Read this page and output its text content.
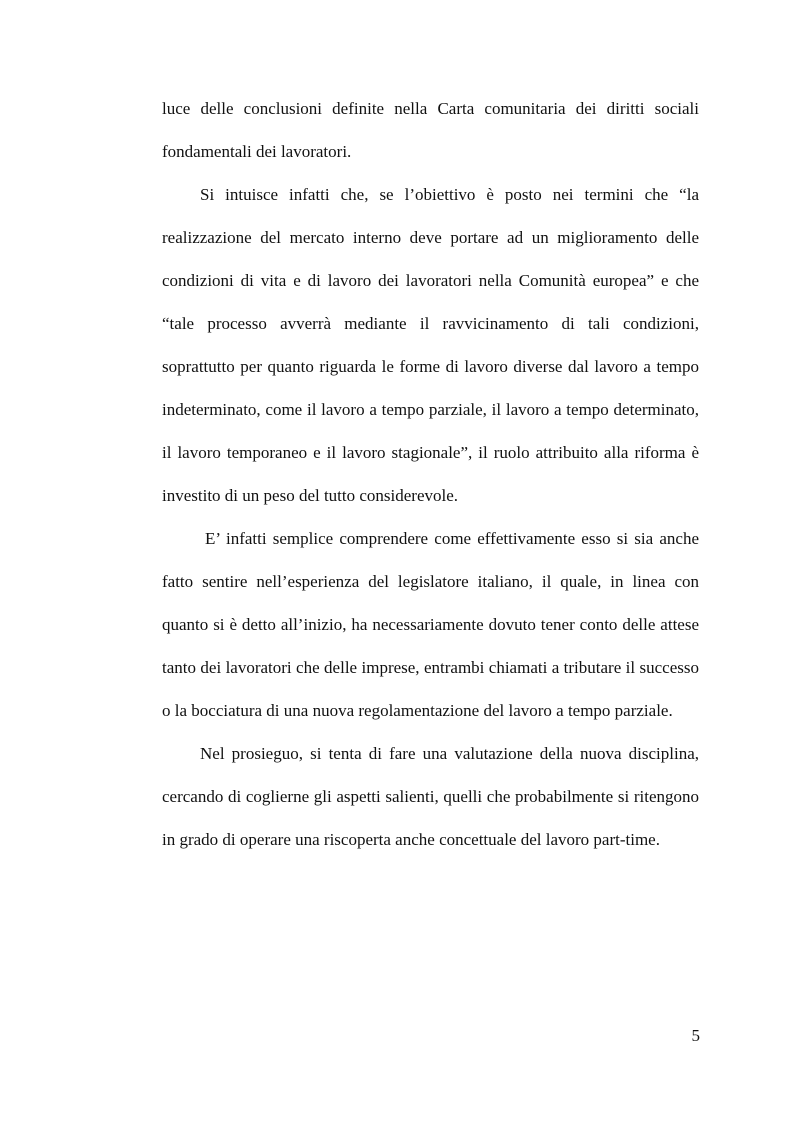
luce delle conclusioni definite nella Carta comunitaria dei diritti sociali fondamentali dei lavoratori.

Si intuisce infatti che, se l’obiettivo è posto nei termini che “la realizzazione del mercato interno deve portare ad un miglioramento delle condizioni di vita e di lavoro dei lavoratori nella Comunità europea” e che “tale processo avverrà mediante il ravvicinamento di tali condizioni, soprattutto per quanto riguarda le forme di lavoro diverse dal lavoro a tempo indeterminato, come il lavoro a tempo parziale, il lavoro a tempo determinato, il lavoro temporaneo e il lavoro stagionale”, il ruolo attribuito alla riforma è investito di un peso del tutto considerevole.

E’ infatti semplice comprendere come effettivamente esso si sia anche fatto sentire nell’esperienza del legislatore italiano, il quale, in linea con quanto si è detto all’inizio, ha necessariamente dovuto tener conto delle attese tanto dei lavoratori che delle imprese, entrambi chiamati a tributare il successo o la bocciatura di una nuova regolamentazione del lavoro a tempo parziale.

Nel prosieguo, si tenta di fare una valutazione della nuova disciplina, cercando di coglierne gli aspetti salienti, quelli che probabilmente si ritengono in grado di operare una riscoperta anche concettuale del lavoro part-time.

5
